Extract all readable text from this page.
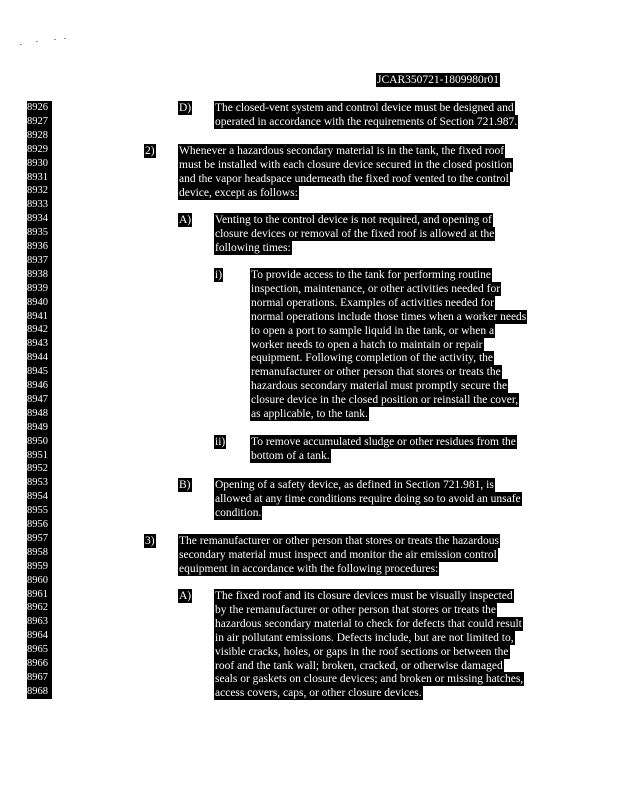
JCAR350721-1809980r01
8926
8927
8928
8929
8930
8931
8932
8933
8934
8935
8936
8937
8938
8939
8940
8941
8942
8943
8944
8945
8946
8947
8948
8949
8950
8951
8952
8953
8954
8955
8956
8957
8958
8959
8960
8961
8962
8963
8964
8965
8966
8967
8968
D) The closed-vent system and control device must be designed and
operated in accordance with the requirements of Section 721.987.
2) Whenever a hazardous secondary material is in the tank, the fixed roof
must be installed with each closure device secured in the closed position
and the vapor headspace underneath the fixed roof vented to the control
device, except as follows:
A) Venting to the control device is not required, and opening of
closure devices or removal of the fixed roof is allowed at the
following times:
i)	To provide access to the tank for performing routine
inspection, maintenance, or other activities needed for
normal operations. Examples of activities needed for
normal operations include those times when a worker needs
to open a port to sample liquid in the tank, or when a
worker needs to open a hatch to maintain or repair
equipment. Following completion of the activity, the
remanufacturer or other person that stores or treats the
hazardous secondary material must promptly secure the
closure device in the closed position or reinstall the cover,
as applicable, to the tank.
ii) To remove accumulated sludge or other residues from the
bottom of a tank.
B) Opening of a safety device, as defined in Section 721.981, is
allowed at any time conditions require doing so to avoid an unsafe
condition.
3) The remanufacturer or other person that stores or treats the hazardous
secondary material must inspect and monitor the air emission control
equipment in accordance with the following procedures:
A) The fixed roof and its closure devices must be visually inspected
by the remanufacturer or other person that stores or treats the
hazardous secondary material to check for defects that could result
in air pollutant emissions. Defects include, but are not limited to,
visible cracks, holes, or gaps in the roof sections or between the
roof and the tank wall; broken, cracked, or otherwise damaged
seals or gaskets on closure devices; and broken or missing hatches,
access covers, caps, or other closure devices.
